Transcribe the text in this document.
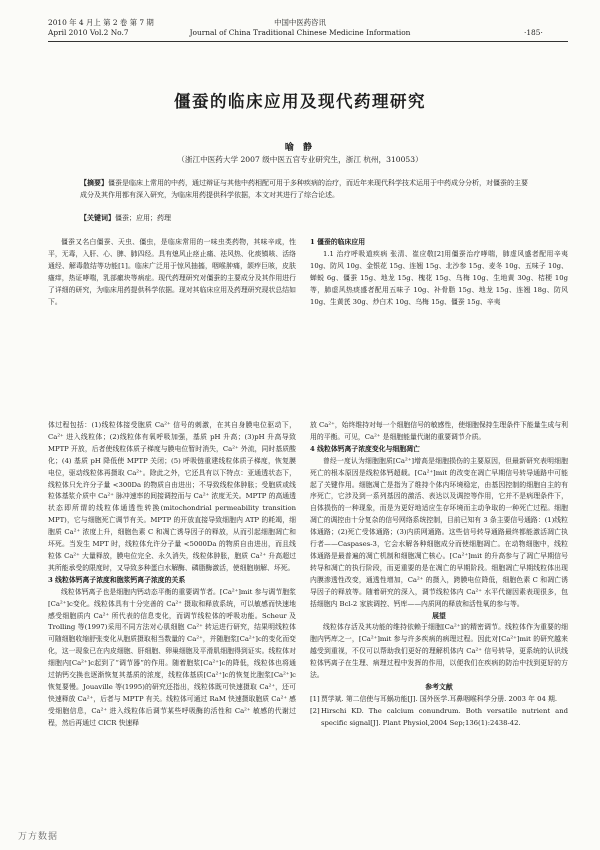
2010 年 4 月上 第 2 卷 第 7 期
April 2010 Vol.2 No.7
中国中医药咨讯
Journal of China Traditional Chinese Medicine Information	·185·
僵蚕的临床应用及现代药理研究
喻 静
（浙江中医药大学 2007 级中医五官专业研究生，浙江 杭州，310053）
【摘要】僵蚕是临床上常用的中药，通过辩证与其他中药相配可用于多种疾病的治疗，而近年来现代科学技术运用于中药成分分析，对僵蚕的主要成分及其作用都有深入研究，为临床用药提供科学依据，本文对其进行了综合论述。
【关键词】僵蚕；应用；药理

僵蚕又名白僵蚕、天虫、僵虫，是临床常用的一味虫类药物，其味辛咸，性平，无毒，入肝、心、脾、肺四经。具有熄风止痉止痛、祛风热、化痰镇咳、活络通经、解毒散结等功能[1]。临床广泛用于惊风抽搐，咽喉肿痛，颌痄巨咳，皮肤瘙痒，热证哮喘，乳部瘰块等病症。现代药理研究对僵蚕的主要成分及其作用进行了详细的研究，为临床用药提供科学依据。现对其临床应用及药理研究现状总结如下。

1 僵蚕的临床应用

1.1 治疗呼吸道疾病 张清、崔应敬[2]用僵蚕治疗哮喘，肺虚风盛者配用辛夷 10g、防风 10g、金银花 15g、连翘 15g、北沙参 15g、麦冬 10g、五味子 10g、蝉蜕 6g、僵蚕 15g、地龙 15g、槐花 15g、乌梅 10g、生地黄 30g、桔梗 10g 等，肺虚风热痰盛者配用五味子 10g、补骨脂 15g、地龙 15g、连翘 18g、防风 10g、生黄芪 30g、炒白术 10g、乌梅 15g、僵蚕 15g、辛夷

体过程包括：(1)线粒体接受胞质 Ca²⁺ 信号的刺激，在其自身膜电位驱动下，Ca²⁺ 进入线粒体；(2)线粒体有氧呼吸加强，基质 pH 升高；(3)pH 升高导致 MPTP 开放，后者使线粒体质子梯度与膜电位暂时消失，Ca²⁺ 外流，同时基质酸化；(4) 基质 pH 降低使 MPTP 关闭；(5) 呼吸链重建线粒体质子梯度，恢复膜电位，驱动线粒体再摄取 Ca²⁺。除此之外，它还具有以下特点：亚通透状态下，线粒体只允许分子量 <300Da 的物质自由进出；不导致线粒体肿胀；受胞质或线粒体基浆介质中 Ca²⁺ 脉冲速率的间接调控而与 Ca²⁺ 浓度无关。MPTP 的高通透状态即所谓的线粒体通透性转换(mitochondrial permeability transition MPT)，它与细胞死亡调节有关。MPTP 的开放直接导致细胞内 ATP 的耗竭，细胞质 Ca²⁺ 浓度上升，细胞色素 C 和凋亡诱导因子的释放，从而引起细胞凋亡和坏死。当发生 MPT 时，线粒体允许分子量 <5000Da 的物质自由进出，而且线粒体 Ca²⁺ 大量释放，膜电位完全、永久消失，线粒体肿胀，胞质 Ca²⁺ 升高超过其所能承受的限度时，又导致多种蛋白水解酶、磷脂酶激活，使细胞崩解、坏死。

3 线粒体钙离子浓度和胞浆钙离子浓度的关系

线粒体钙离子也是细胞内钙动态平衡的重要调节者。[Ca²⁺]mit 参与调节胞浆[Ca²⁺]c变化。线粒体具有十分完善的 Ca²⁺ 摄取和释放系统，可以敏感而快速地感受细胞质内 Ca²⁺ 所代表的信息变化，而调节线粒体的呼吸功能。Scheur 及 Trolling 等(1997)采用不同方法对心肌细胞 Ca²⁺ 转运进行研究，结果明线粒体可随细胞收缩舒张变化从胞质摄取相当数量的 Ca²⁺，并随胞浆[Ca²⁺]c的变化而变化，这一现象已在内皮细胞、肝细胞、卵巢细胞及平滑肌细胞得到证实。线粒体对细胞内[Ca²⁺]c起到了“调节器”的作用。随着胞浆[Ca²⁺]c的降低，线粒体也将通过钠钙交换也逐渐恢复其基质的浓度，线粒体基质[Ca²⁺]c的恢复比胞浆[Ca²⁺]c恢复要慢。Jouaville 等(1995)的研究还指出，线粒体既可快速摄取 Ca²⁺，还可快速释放 Ca²⁺，后者与 MPTP 有关。线粒体可通过 RaM 快速摄取胞质 Ca²⁺ 感受细胞信息，Ca²⁺ 进入线粒体后调节某些呼吸酶的活性和 Ca²⁺ 敏感的代谢过程，然后再通过 CICR 快速释

放 Ca²⁺，始终维持对每一个细胞信号的敏感性，使细胞保持生理条件下能量生成与利用的平衡。可见，Ca²⁺ 是细胞能量代谢的重要调节介质。

4 线粒体钙离子浓度变化与细胞凋亡

曾经一度认为细胞胞质[Ca²⁺]增高是细胞损伤的主要原因，但最新研究表明细胞死亡的根本原因是线粒体钙超载。[Ca²⁺]mit 的改变在凋亡早期信号转导通路中可能起了关键作用。细胞凋亡是指为了维持个体内环境稳定，由基因控制的细胞自主的有序死亡，它涉及到一系列基因的激活、表达以及调控等作用，它并不是病理条件下，自体损伤的一种现象，而是为更好地适应生存环境而主动争取的一种死亡过程。细胞凋亡的调控由十分复杂的信号网络系统控制，目前已知有 3 条主要信号通路：(1)线粒体通路；(2)死亡受体通路；(3)内质网通路。这些信号转导通路最终都能激活凋亡执行者——Caspases-3，它会水解各种细胞成分而使细胞凋亡。在动物细胞中，线粒体通路是最普遍的凋亡机制和细胞凋亡核心。[Ca²⁺]mit 的升高参与了凋亡早期信号转导和凋亡的执行阶段，而更重要的是在凋亡的早期阶段。细胞凋亡早期线粒体出现内膜渗透性改变，通透性增加，Ca²⁺ 的摄入，跨膜电位降低，细胞色素 C 和凋亡诱导因子的释放等。随着研究的深入，调节线粒体内 Ca²⁺ 水平代谢因素表现很多，包括细胞内 Bcl-2 家族调控、钙库——内质网的释放和活性氧的参与等。

展望

线粒体存活及其功能的维持依赖于细胞[Ca²⁺]的精密调节。线粒体作为重要的细胞内钙库之一，[Ca²⁺]mit 参与许多疾病的病理过程。因此对[Ca²⁺]mit 的研究越来越受到重视，不仅可以帮助我们更好的理解机体内 Ca²⁺ 信号转导，更系统的认识线粒体钙离子在生理、病理过程中发挥的作用，以便我们在疾病的防治中找到更好的方法。

参考文献

[1] 贾学斌. 第二信使与耳蜗功能[J]. 国外医学.耳鼻咽喉科学分册. 2003 年 04 期.

[2] Hirschi KD. The calcium conundrum. Both versatile nutrient and specific signal[J]. Plant Physiol,2004 Sep;136(1):2438-42.

万方数据
